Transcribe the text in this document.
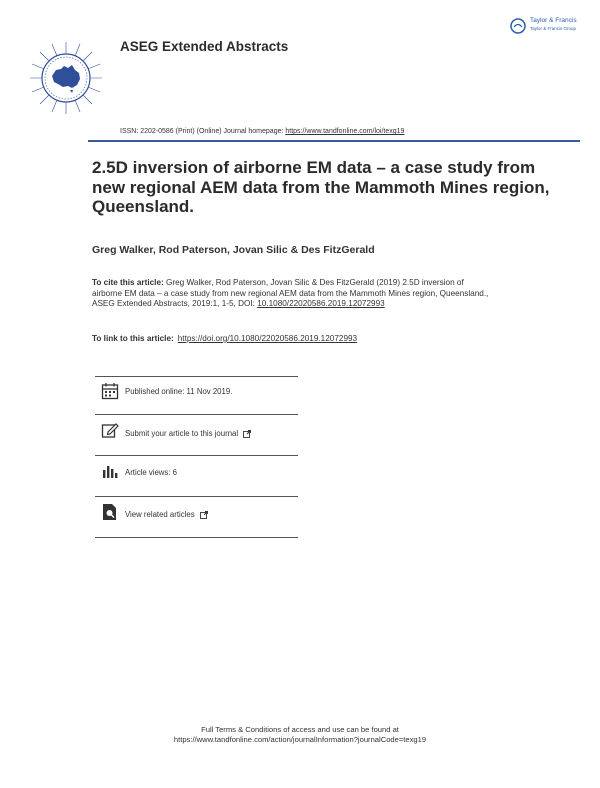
ASEG Extended Abstracts
Taylor & Francis
Taylor & Francis Group
ISSN: 2202-0586 (Print) (Online) Journal homepage: https://www.tandfonline.com/loi/texg19
2.5D inversion of airborne EM data – a case study from new regional AEM data from the Mammoth Mines region, Queensland.
Greg Walker, Rod Paterson, Jovan Silic & Des FitzGerald
To cite this article: Greg Walker, Rod Paterson, Jovan Silic & Des FitzGerald (2019) 2.5D inversion of airborne EM data – a case study from new regional AEM data from the Mammoth Mines region, Queensland., ASEG Extended Abstracts, 2019:1, 1-5, DOI: 10.1080/22020586.2019.12072993
To link to this article: https://doi.org/10.1080/22020586.2019.12072993
Published online: 11 Nov 2019.
Submit your article to this journal
Article views: 6
View related articles
Full Terms & Conditions of access and use can be found at
https://www.tandfonline.com/action/journalInformation?journalCode=texg19
